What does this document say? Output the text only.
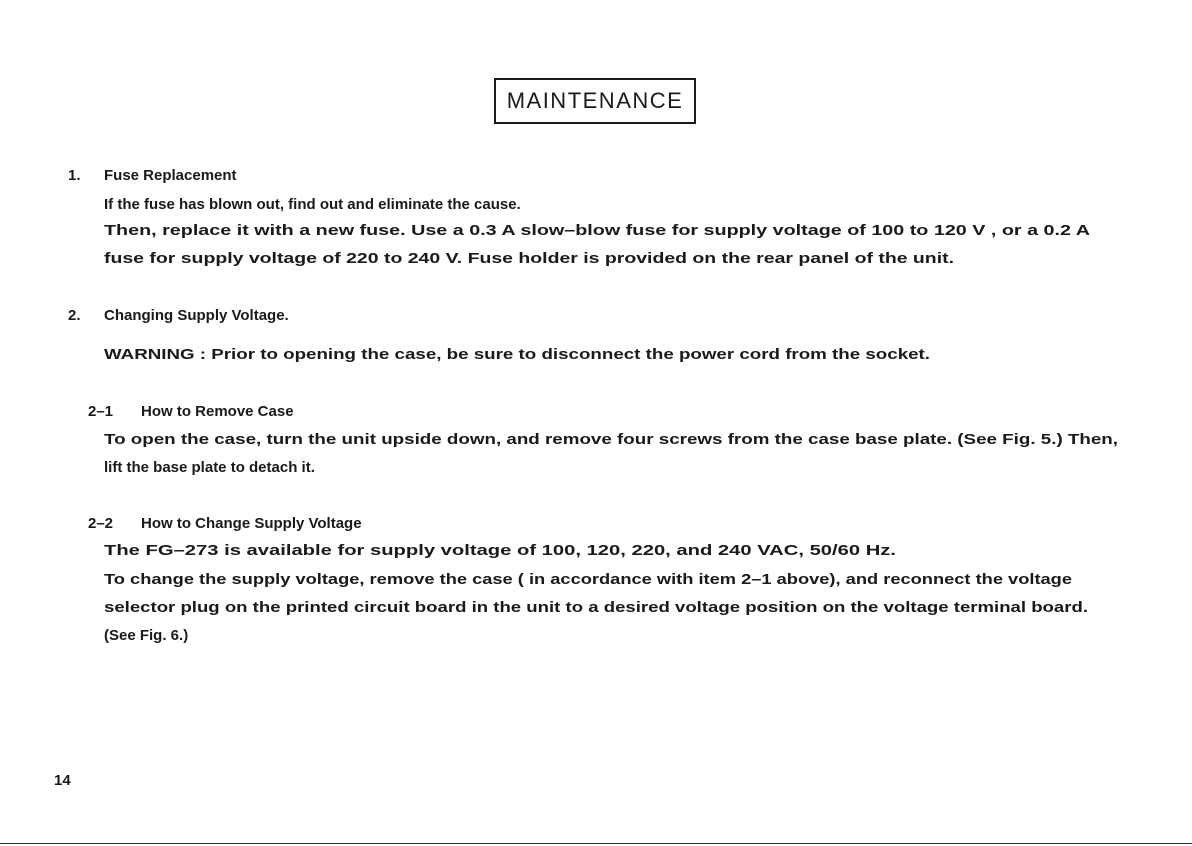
MAINTENANCE
1. Fuse Replacement
If the fuse has blown out, find out and eliminate the cause.
Then, replace it with a new fuse. Use a 0.3 A slow–blow fuse for supply voltage of 100 to 120 V , or a 0.2 A
fuse for supply voltage of 220 to 240 V. Fuse holder is provided on the rear panel of the unit.
2. Changing Supply Voltage.
WARNING : Prior to opening the case, be sure to disconnect the power cord from the socket.
2–1 How to Remove Case
To open the case, turn the unit upside down, and remove four screws from the case base plate. (See Fig. 5.) Then,
lift the base plate to detach it.
2–2 How to Change Supply Voltage
The FG–273 is available for supply voltage of 100, 120, 220, and 240 VAC, 50/60 Hz.
To change the supply voltage, remove the case ( in accordance with item 2–1 above), and reconnect the voltage
selector plug on the printed circuit board in the unit to a desired voltage position on the voltage terminal board.
(See Fig. 6.)
14
